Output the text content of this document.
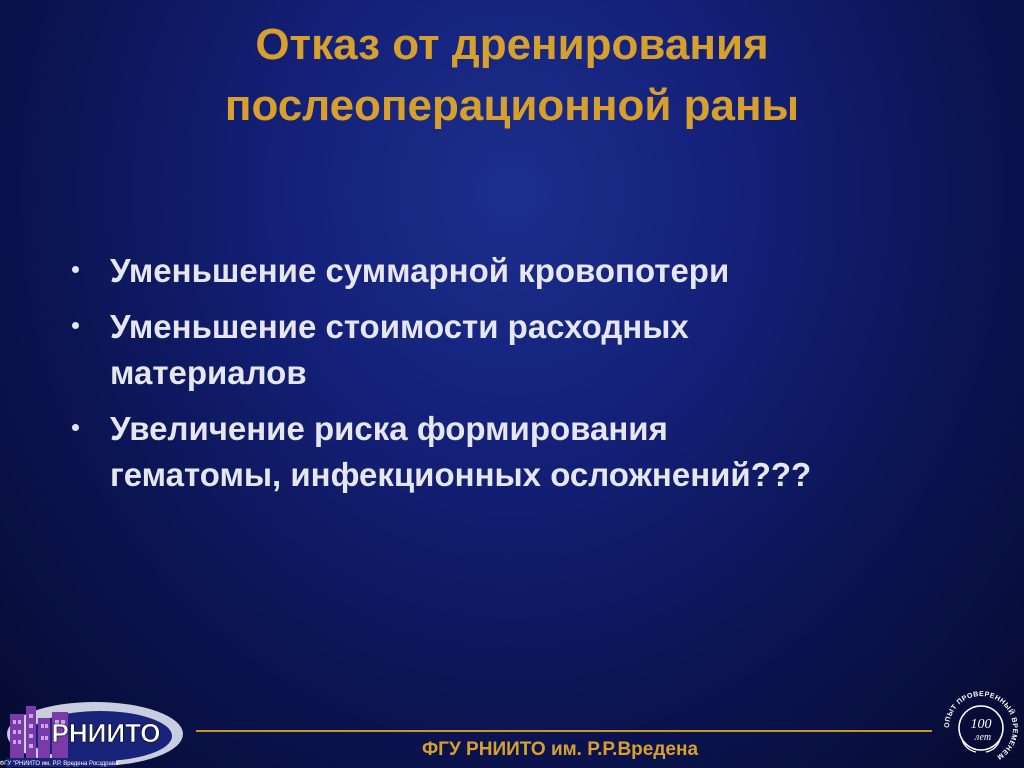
Отказ от дренирования
послеоперационной раны
Уменьшение суммарной кровопотери
Уменьшение стоимости расходных
материалов
Увеличение риска формирования
гематомы, инфекционных осложнений???
ФГУ "РНИИТО им. Р.Р. Вредена Росздрава"
РНИИТО
ФГУ РНИИТО им. Р.Р.Вредена
100
лет
ОПЫТ ПРОВЕРЕННЫЙ ВРЕМЕНЕМ
